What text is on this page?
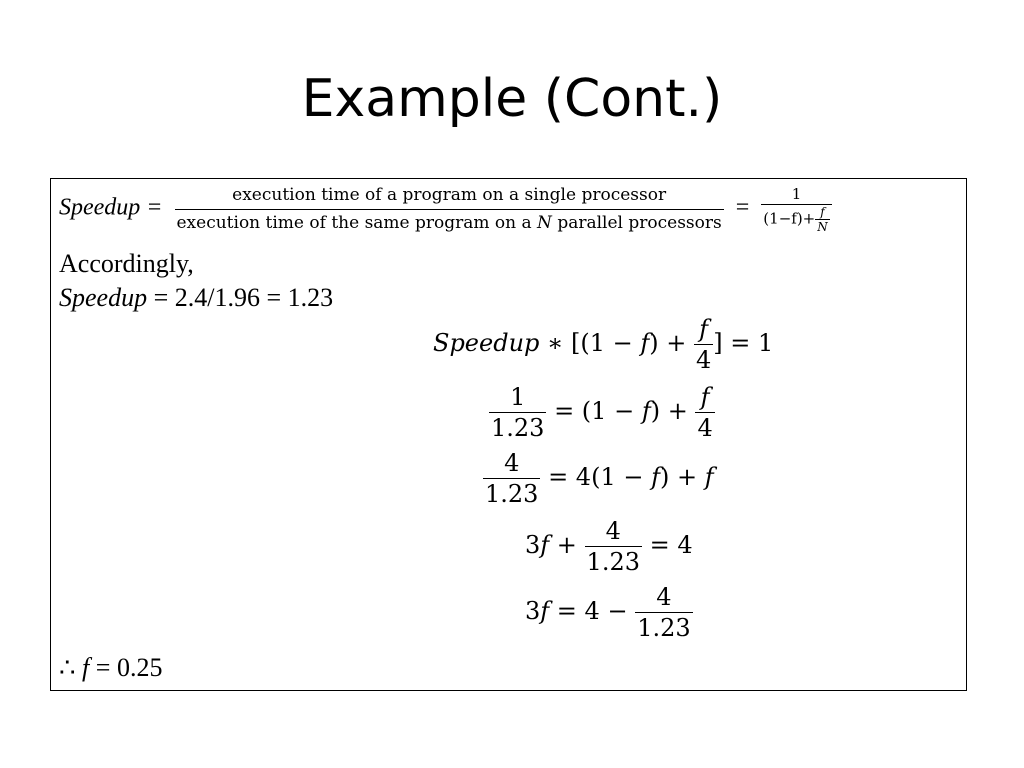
Example (Cont.)
Speedup =	execution time of a program on a single processor
execution time of the same program on a N parallel processors
= $\frac{1}{(1-f)+ \frac{f}{N}}$
Accordingly,
Speedup = 2.4/1.96 = 1.23
Speedup ∗ [$(1 - f) + \frac{f}{4}$ ] = 1
$\frac{1}{1.23} = (1 - f) + \frac{f}{4}$
$\frac{4}{1.23} = 4(1 - f) + f$
$3f + \frac{4}{1.23} = 4$
$3f = 4 - \frac{4}{1.23}$
∴ f = 0.25
